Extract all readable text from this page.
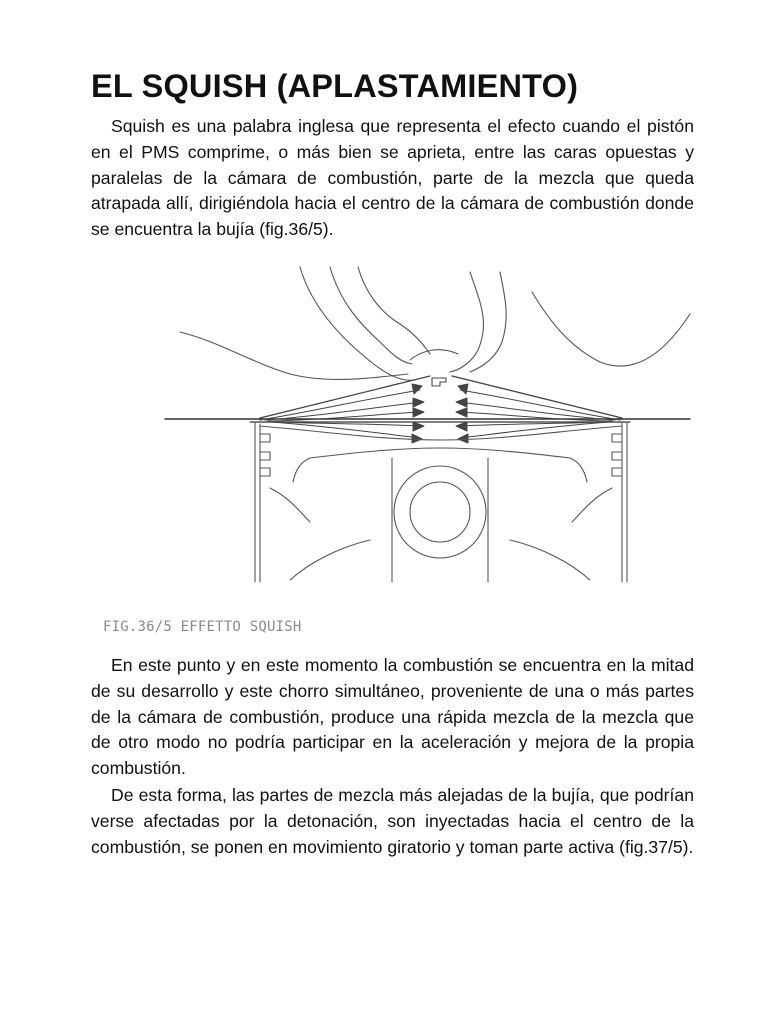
EL SQUISH (APLASTAMIENTO)

Squish es una palabra inglesa que representa el efecto cuando el pistón en el PMS comprime, o más bien se aprieta, entre las caras opuestas y paralelas de la cámara de combustión, parte de la mezcla que queda atrapada allí, dirigiéndola hacia el centro de la cámara de combustión donde se encuentra la bujía (fig.36/5).

FIG.36/5 EFFETTO SQUISH

En este punto y en este momento la combustión se encuentra en la mitad de su desarrollo y este chorro simultáneo, proveniente de una o más partes de la cámara de combustión, produce una rápida mezcla de la mezcla que de otro modo no podría participar en la aceleración y mejora de la propia combustión.

De esta forma, las partes de mezcla más alejadas de la bujía, que podrían verse afectadas por la detonación, son inyectadas hacia el centro de la combustión, se ponen en movimiento giratorio y toman parte activa (fig.37/5).
